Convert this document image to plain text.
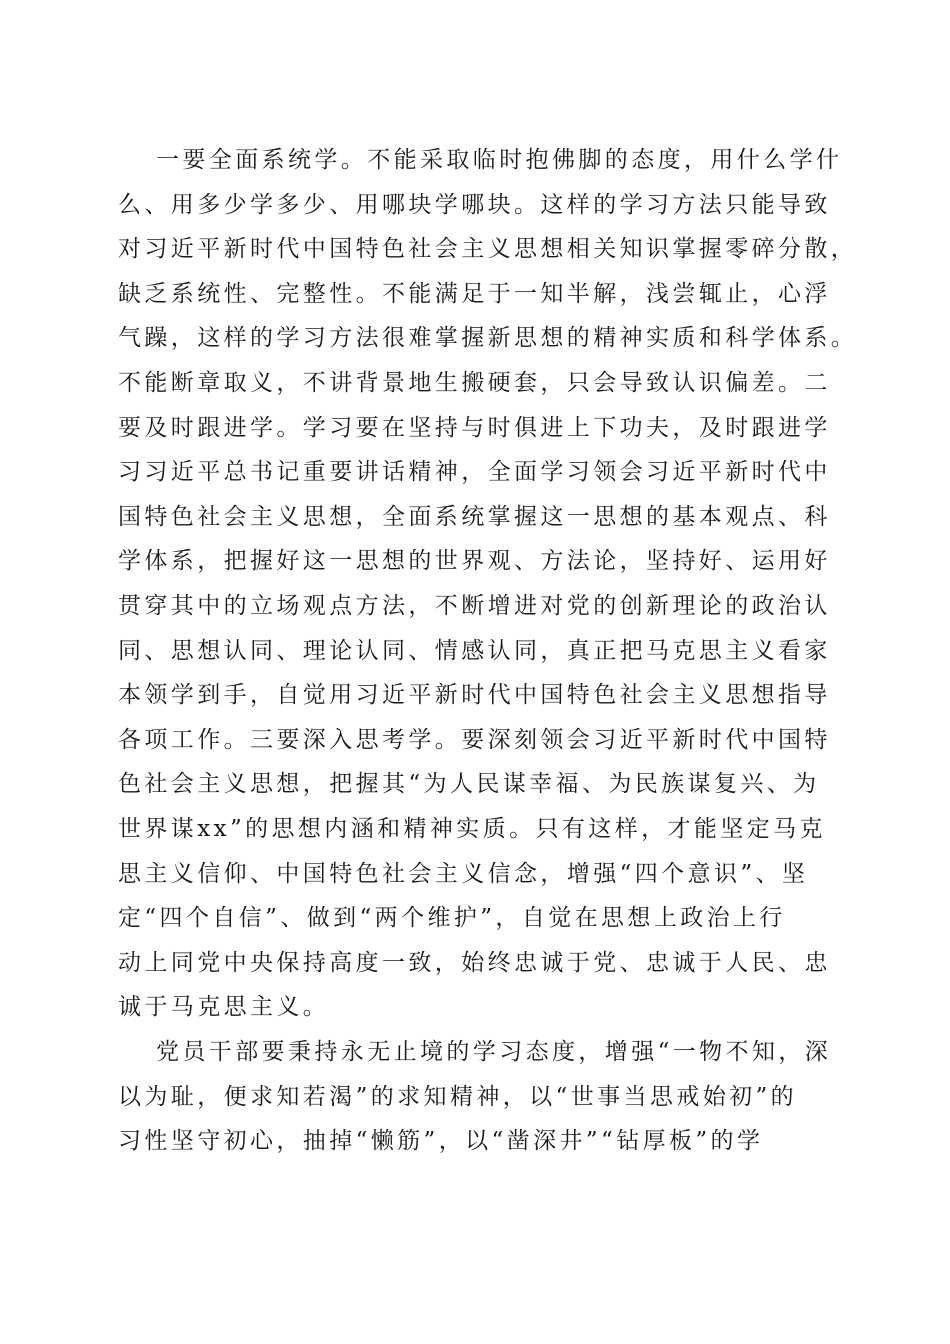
一要全面系统学。不能采取临时抱佛脚的态度，用什么学什
么、用多少学多少、用哪块学哪块。这样的学习方法只能导致
对习近平新时代中国特色社会主义思想相关知识掌握零碎分散，
缺乏系统性、完整性。不能满足于一知半解，浅尝辄止，心浮
气躁，这样的学习方法很难掌握新思想的精神实质和科学体系。
不能断章取义，不讲背景地生搬硬套，只会导致认识偏差。二
要及时跟进学。学习要在坚持与时俱进上下功夫，及时跟进学
习习近平总书记重要讲话精神，全面学习领会习近平新时代中
国特色社会主义思想，全面系统掌握这一思想的基本观点、科
学体系，把握好这一思想的世界观、方法论，坚持好、运用好
贯穿其中的立场观点方法，不断增进对党的创新理论的政治认
同、思想认同、理论认同、情感认同，真正把马克思主义看家
本领学到手，自觉用习近平新时代中国特色社会主义思想指导
各项工作。三要深入思考学。要深刻领会习近平新时代中国特
色社会主义思想，把握其“为人民谋幸福、为民族谋复兴、为
世界谋xx”的思想内涵和精神实质。只有这样，才能坚定马克
思主义信仰、中国特色社会主义信念，增强“四个意识”、坚
定“四个自信”、做到“两个维护”，自觉在思想上政治上行
动上同党中央保持高度一致，始终忠诚于党、忠诚于人民、忠
诚于马克思主义。
党员干部要秉持永无止境的学习态度，增强“一物不知，深
以为耻，便求知若渴”的求知精神，以“世事当思戒始初”的
习性坚守初心，抽掉“懒筋”，以“凿深井”“钻厚板”的学
